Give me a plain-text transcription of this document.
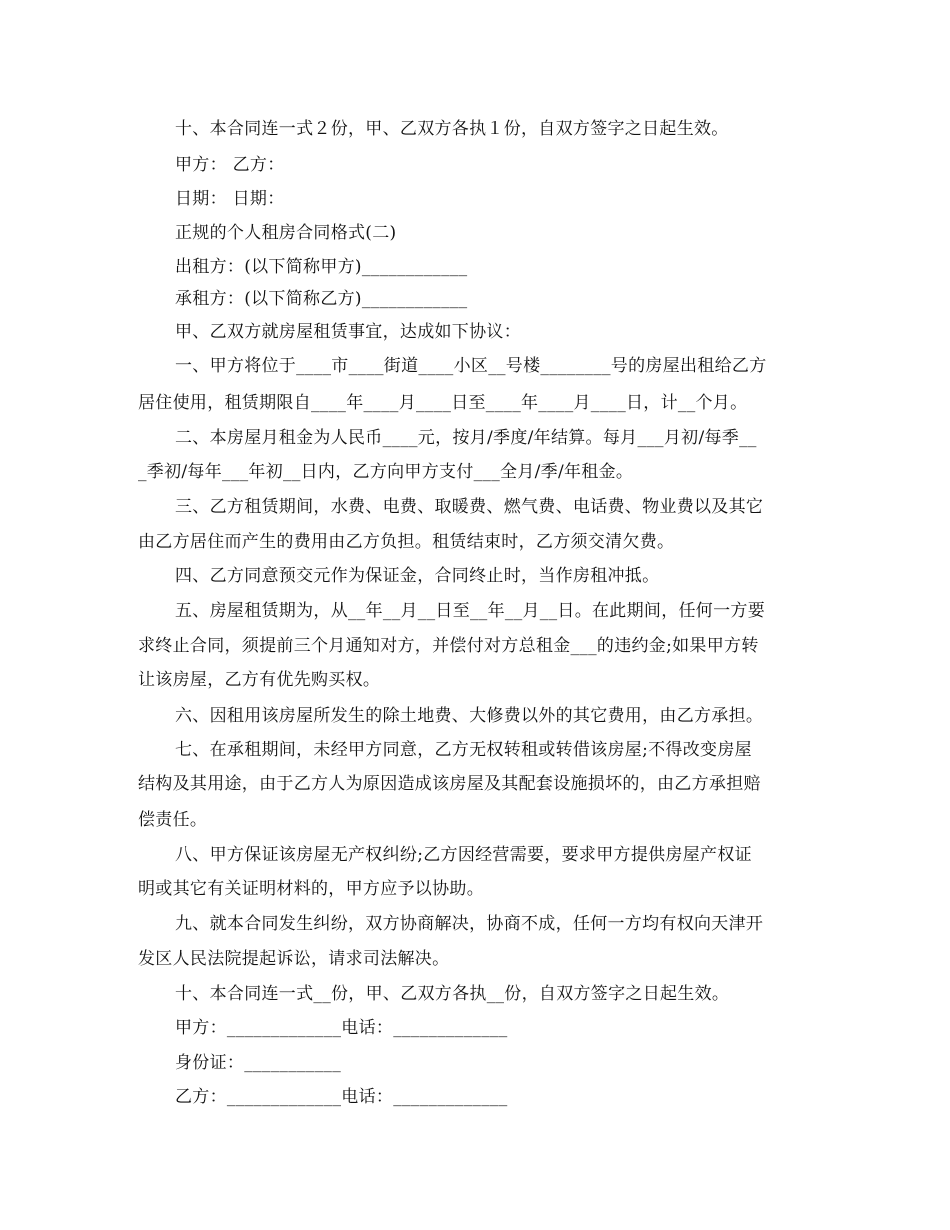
十、本合同连一式２份，甲、乙双方各执１份，自双方签字之日起生效。
甲方： 乙方：
日期： 日期：
正规的个人租房合同格式(二)
出租方：(以下简称甲方)____________
承租方：(以下简称乙方)____________
甲、乙双方就房屋租赁事宜，达成如下协议：
一、甲方将位于____市____街道____小区__号楼________号的房屋出租给乙方
居住使用，租赁期限自____年____月____日至____年____月____日，计__个月。
二、本房屋月租金为人民币____元，按月/季度/年结算。每月___月初/每季__
_季初/每年___年初__日内，乙方向甲方支付___全月/季/年租金。
三、乙方租赁期间，水费、电费、取暖费、燃气费、电话费、物业费以及其它
由乙方居住而产生的费用由乙方负担。租赁结束时，乙方须交清欠费。
四、乙方同意预交元作为保证金，合同终止时，当作房租冲抵。
五、房屋租赁期为，从__年__月__日至__年__月__日。在此期间，任何一方要
求终止合同，须提前三个月通知对方，并偿付对方总租金___的违约金;如果甲方转
让该房屋，乙方有优先购买权。
六、因租用该房屋所发生的除土地费、大修费以外的其它费用，由乙方承担。
七、在承租期间，未经甲方同意，乙方无权转租或转借该房屋;不得改变房屋
结构及其用途，由于乙方人为原因造成该房屋及其配套设施损坏的，由乙方承担赔
偿责任。
八、甲方保证该房屋无产权纠纷;乙方因经营需要，要求甲方提供房屋产权证
明或其它有关证明材料的，甲方应予以协助。
九、就本合同发生纠纷，双方协商解决，协商不成，任何一方均有权向天津开
发区人民法院提起诉讼，请求司法解决。
十、本合同连一式__份，甲、乙双方各执__份，自双方签字之日起生效。
甲方：_____________电话：_____________
身份证：___________
乙方：_____________电话：_____________
